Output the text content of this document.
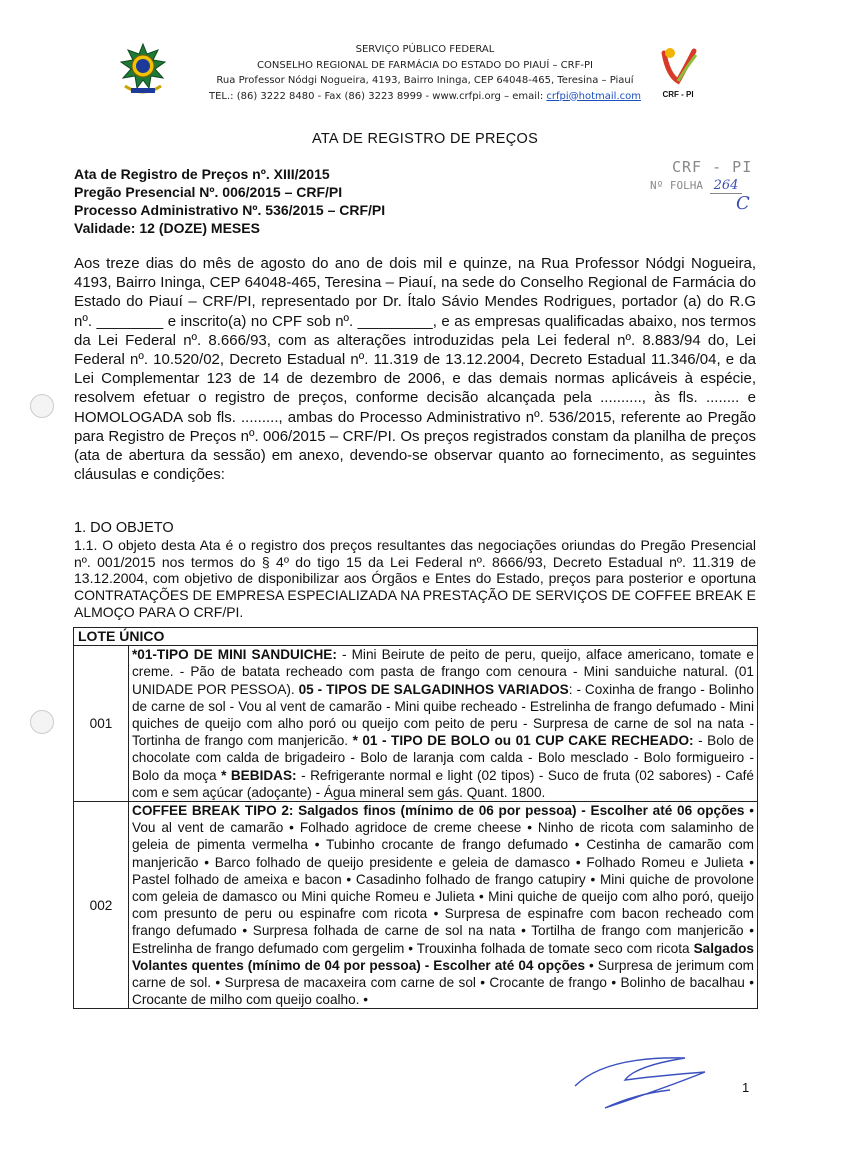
SERVIÇO PÚBLICO FEDERAL
CONSELHO REGIONAL DE FARMÁCIA DO ESTADO DO PIAUÍ – CRF-PI
Rua Professor Nódgi Nogueira, 4193, Bairro Ininga, CEP 64048-465, Teresina – Piauí
TEL.: (86) 3222 8480 - Fax (86) 3223 8999 - www.crfpi.org – email: crfpi@hotmail.com	CRF - PI
ATA DE REGISTRO DE PREÇOS
Ata de Registro de Preços nº. XIII/2015
Pregão Presencial Nº. 006/2015 – CRF/PI
Processo Administrativo Nº. 536/2015 – CRF/PI
Validade: 12 (DOZE) MESES
CRF - PI
Nº FOLHA 264
C
Aos treze dias do mês de agosto do ano de dois mil e quinze, na Rua Professor Nódgi Nogueira, 4193, Bairro Ininga, CEP 64048-465, Teresina – Piauí, na sede do Conselho Regional de Farmácia do Estado do Piauí – CRF/PI, representado por Dr. Ítalo Sávio Mendes Rodrigues, portador (a) do R.G nº. ________ e inscrito(a) no CPF sob nº. _________, e as empresas qualificadas abaixo, nos termos da Lei Federal nº. 8.666/93, com as alterações introduzidas pela Lei federal nº. 8.883/94 do, Lei Federal nº. 10.520/02, Decreto Estadual nº. 11.319 de 13.12.2004, Decreto Estadual 11.346/04, e da Lei Complementar 123 de 14 de dezembro de 2006, e das demais normas aplicáveis à espécie, resolvem efetuar o registro de preços, conforme decisão alcançada pela .........., às fls. ........ e HOMOLOGADA sob fls. ........., ambas do Processo Administrativo nº. 536/2015, referente ao Pregão para Registro de Preços nº. 006/2015 – CRF/PI. Os preços registrados constam da planilha de preços (ata de abertura da sessão) em anexo, devendo-se observar quanto ao fornecimento, as seguintes cláusulas e condições:
1. DO OBJETO
1.1. O objeto desta Ata é o registro dos preços resultantes das negociações oriundas do Pregão Presencial nº. 001/2015 nos termos do § 4º do tigo 15 da Lei Federal nº. 8666/93, Decreto Estadual nº. 11.319 de 13.12.2004, com objetivo de disponibilizar aos Órgãos e Entes do Estado, preços para posterior e oportuna CONTRATAÇÕES DE EMPRESA ESPECIALIZADA NA PRESTAÇÃO DE SERVIÇOS DE COFFEE BREAK E ALMOÇO PARA O CRF/PI.
LOTE ÚNICO	
001	*01-TIPO DE MINI SANDUICHE: - Mini Beirute de peito de peru, queijo, alface americano, tomate e creme. - Pão de batata recheado com pasta de frango com cenoura - Mini sanduiche natural. (01 UNIDADE POR PESSOA). 05 - TIPOS DE SALGADINHOS VARIADOS: - Coxinha de frango - Bolinho de carne de sol - Vou al vent de camarão - Mini quibe recheado - Estrelinha de frango defumado - Mini quiches de queijo com alho poró ou queijo com peito de peru - Surpresa de carne de sol na nata - Tortinha de frango com manjericão. * 01 - TIPO DE BOLO ou 01 CUP CAKE RECHEADO: - Bolo de chocolate com calda de brigadeiro - Bolo de laranja com calda - Bolo mesclado - Bolo formigueiro - Bolo da moça * BEBIDAS: - Refrigerante normal e light (02 tipos) - Suco de fruta (02 sabores) - Café com e sem açúcar (adoçante) - Água mineral sem gás. Quant. 1800.
002	COFFEE BREAK TIPO 2: Salgados finos (mínimo de 06 por pessoa) - Escolher até 06 opções • Vou al vent de camarão • Folhado agridoce de creme cheese • Ninho de ricota com salaminho de geleia de pimenta vermelha • Tubinho crocante de frango defumado • Cestinha de camarão com manjericão • Barco folhado de queijo presidente e geleia de damasco • Folhado Romeu e Julieta • Pastel folhado de ameixa e bacon • Casadinho folhado de frango catupiry • Mini quiche de provolone com geleia de damasco ou Mini quiche Romeu e Julieta • Mini quiche de queijo com alho poró, queijo com presunto de peru ou espinafre com ricota • Surpresa de espinafre com bacon recheado com frango defumado • Surpresa folhada de carne de sol na nata • Tortilha de frango com manjericão • Estrelinha de frango defumado com gergelim • Trouxinha folhada de tomate seco com ricota Salgados Volantes quentes (mínimo de 04 por pessoa) - Escolher até 04 opções • Surpresa de jerimum com carne de sol. • Surpresa de macaxeira com carne de sol • Crocante de frango • Bolinho de bacalhau • Crocante de milho com queijo coalho. •
1
